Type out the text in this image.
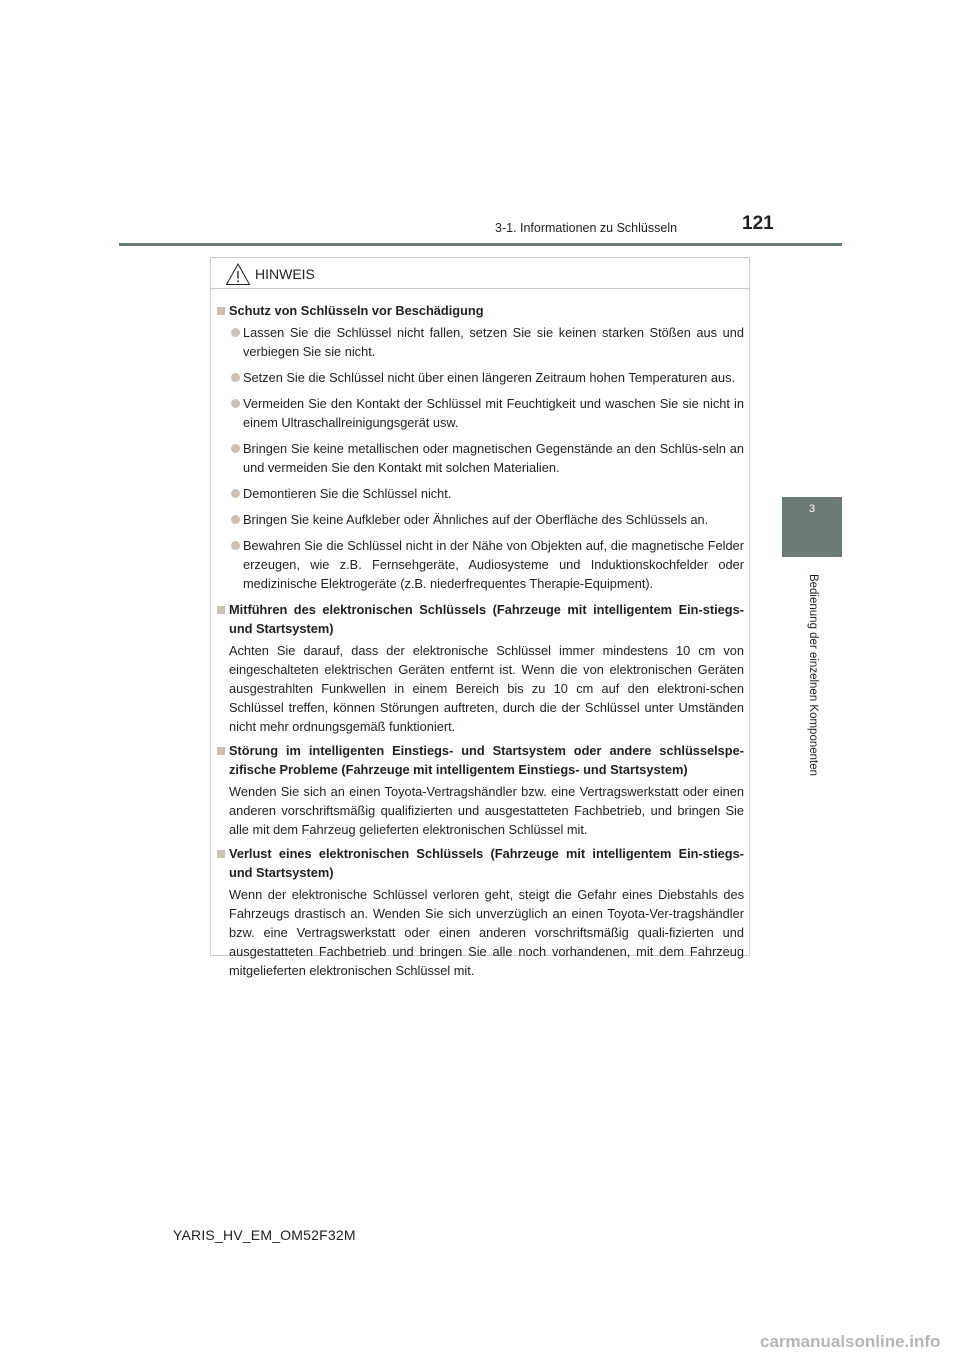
3-1. Informationen zu Schlüsseln	121
3
Bedienung der einzelnen Komponenten
HINWEIS
Schutz von Schlüsseln vor Beschädigung
Lassen Sie die Schlüssel nicht fallen, setzen Sie sie keinen starken Stößen aus und verbiegen Sie sie nicht.
Setzen Sie die Schlüssel nicht über einen längeren Zeitraum hohen Temperaturen aus.
Vermeiden Sie den Kontakt der Schlüssel mit Feuchtigkeit und waschen Sie sie nicht in einem Ultraschallreinigungsgerät usw.
Bringen Sie keine metallischen oder magnetischen Gegenstände an den Schlüs-seln an und vermeiden Sie den Kontakt mit solchen Materialien.
Demontieren Sie die Schlüssel nicht.
Bringen Sie keine Aufkleber oder Ähnliches auf der Oberfläche des Schlüssels an.
Bewahren Sie die Schlüssel nicht in der Nähe von Objekten auf, die magnetische Felder erzeugen, wie z.B. Fernsehgeräte, Audiosysteme und Induktionskochfelder oder medizinische Elektrogeräte (z.B. niederfrequentes Therapie-Equipment).
Mitführen des elektronischen Schlüssels (Fahrzeuge mit intelligentem Ein-stiegs- und Startsystem)
Achten Sie darauf, dass der elektronische Schlüssel immer mindestens 10 cm von eingeschalteten elektrischen Geräten entfernt ist. Wenn die von elektronischen Geräten ausgestrahlten Funkwellen in einem Bereich bis zu 10 cm auf den elektroni-schen Schlüssel treffen, können Störungen auftreten, durch die der Schlüssel unter Umständen nicht mehr ordnungsgemäß funktioniert.
Störung im intelligenten Einstiegs- und Startsystem oder andere schlüsselspe-zifische Probleme (Fahrzeuge mit intelligentem Einstiegs- und Startsystem)
Wenden Sie sich an einen Toyota-Vertragshändler bzw. eine Vertragswerkstatt oder einen anderen vorschriftsmäßig qualifizierten und ausgestatteten Fachbetrieb, und bringen Sie alle mit dem Fahrzeug gelieferten elektronischen Schlüssel mit.
Verlust eines elektronischen Schlüssels (Fahrzeuge mit intelligentem Ein-stiegs- und Startsystem)
Wenn der elektronische Schlüssel verloren geht, steigt die Gefahr eines Diebstahls des Fahrzeugs drastisch an. Wenden Sie sich unverzüglich an einen Toyota-Ver-tragshändler bzw. eine Vertragswerkstatt oder einen anderen vorschriftsmäßig quali-fizierten und ausgestatteten Fachbetrieb und bringen Sie alle noch vorhandenen, mit dem Fahrzeug mitgelieferten elektronischen Schlüssel mit.
YARIS_HV_EM_OM52F32M
carmanualsonline.info
